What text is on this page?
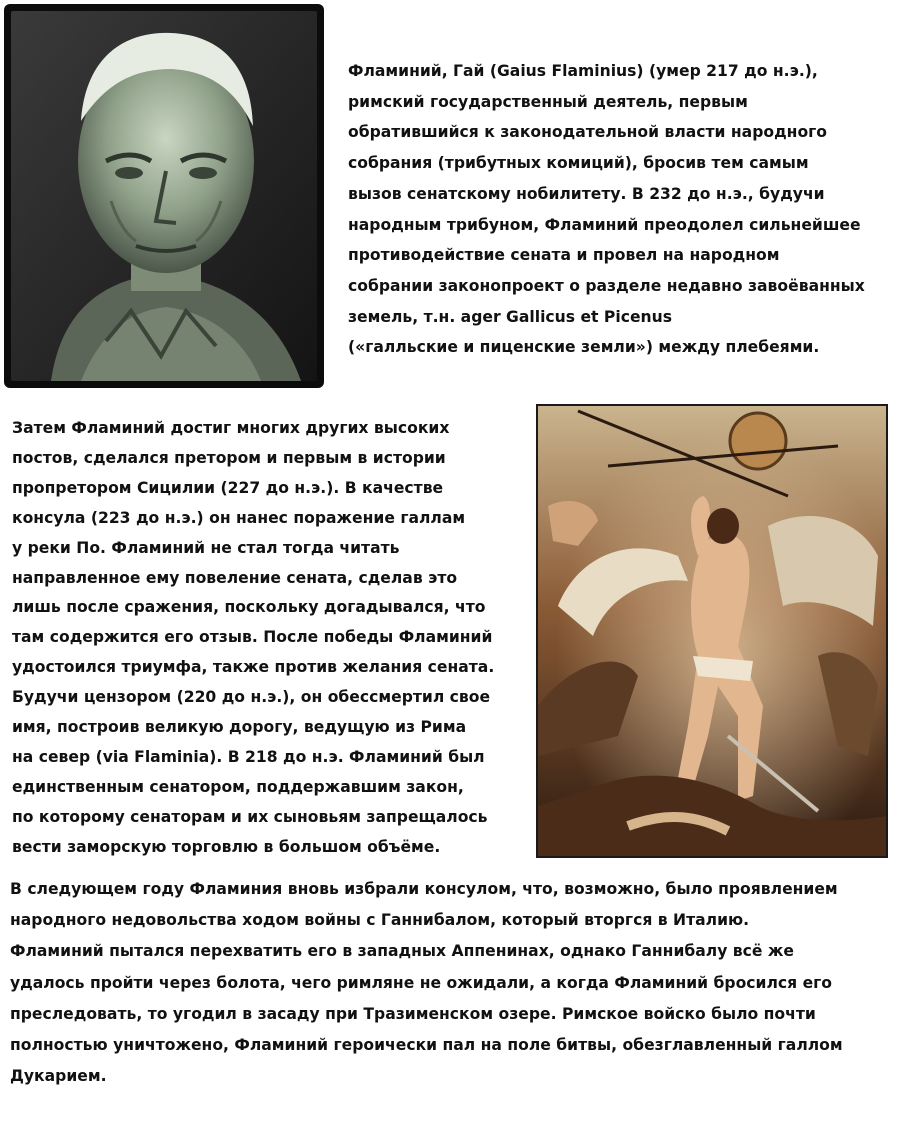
Фламиний, Гай (Gaius Flaminius) (умер 217 до н.э.),
римский государственный деятель, первым
обратившийся к законодательной власти народного
собрания (трибутных комиций), бросив тем самым
вызов сенатскому нобилитету. В 232 до н.э., будучи
народным трибуном, Фламиний преодолел сильнейшее
противодействие сената и провел на народном
собрании законопроект о разделе недавно завоёванных
земель, т.н. ager Gallicus et Picenus
(«галльские и пиценские земли») между плебеями.
Затем Фламиний достиг многих других высоких
постов, сделался претором и первым в истории
пропретором Сицилии (227 до н.э.). В качестве
консула (223 до н.э.) он нанес поражение галлам
у реки По. Фламиний не стал тогда читать
направленное ему повеление сената, сделав это
лишь после сражения, поскольку догадывался, что
там содержится его отзыв. После победы Фламиний
удостоился триумфа, также против желания сената.
Будучи цензором (220 до н.э.), он обессмертил свое
имя, построив великую дорогу, ведущую из Рима
на север (via Flaminia). В 218 до н.э. Фламиний был
единственным сенатором, поддержавшим закон,
по которому сенаторам и их сыновьям запрещалось
вести заморскую торговлю в большом объёме.
В следующем году Фламиния вновь избрали консулом, что, возможно, было проявлением
народного недовольства ходом войны с Ганнибалом, который вторгся в Италию.
Фламиний пытался перехватить его в западных Аппенинах, однако Ганнибалу всё же
удалось пройти через болота, чего римляне не ожидали, а когда Фламиний бросился его
преследовать, то угодил в засаду при Тразименском озере. Римское войско было почти
полностью уничтожено, Фламиний героически пал на поле битвы, обезглавленный галлом
Дукарием.
